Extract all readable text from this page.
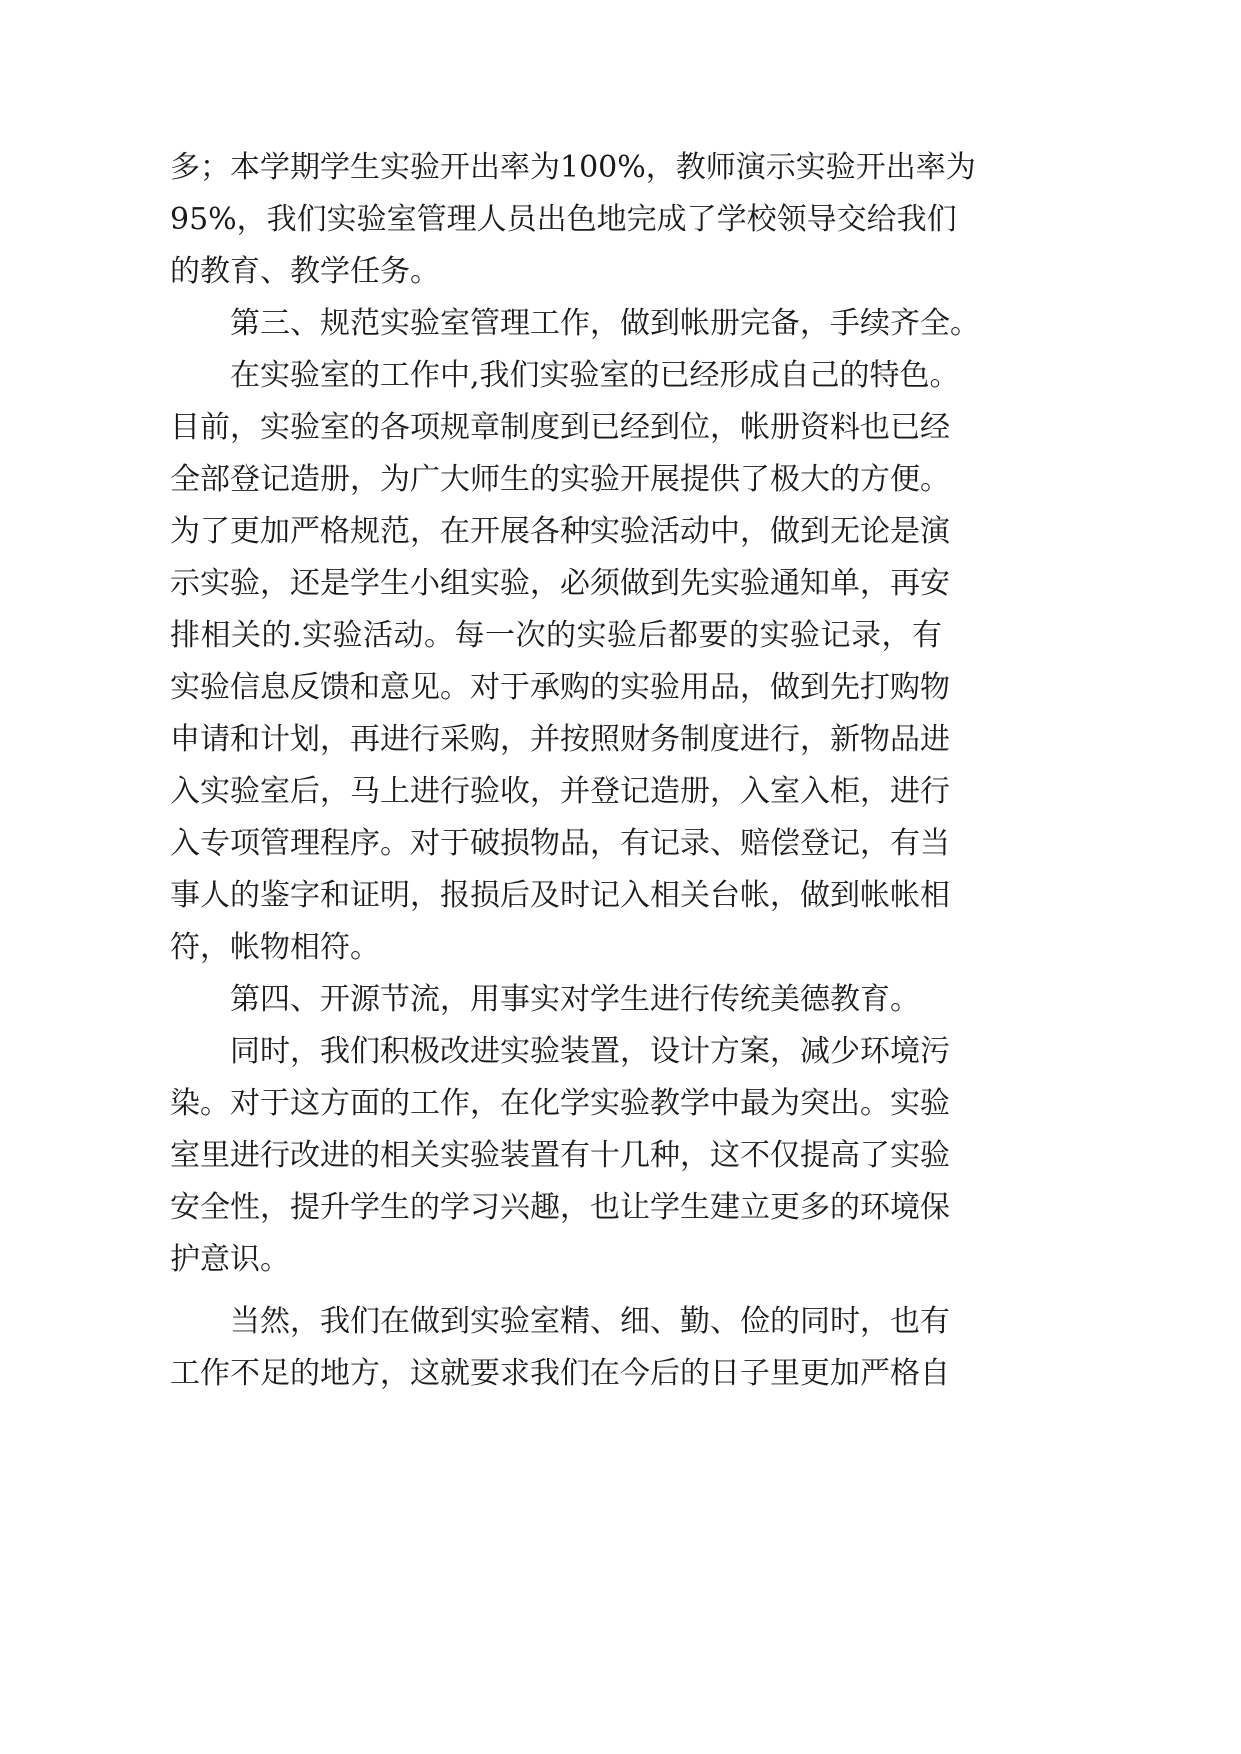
多；本学期学生实验开出率为100%，教师演示实验开出率为
95%，我们实验室管理人员出色地完成了学校领导交给我们
的教育、教学任务。
第三、规范实验室管理工作，做到帐册完备，手续齐全。
在实验室的工作中,我们实验室的已经形成自己的特色。
目前，实验室的各项规章制度到已经到位，帐册资料也已经
全部登记造册，为广大师生的实验开展提供了极大的方便。
为了更加严格规范，在开展各种实验活动中，做到无论是演
示实验，还是学生小组实验，必须做到先实验通知单，再安
排相关的.实验活动。每一次的实验后都要的实验记录，有
实验信息反馈和意见。对于承购的实验用品，做到先打购物
申请和计划，再进行采购，并按照财务制度进行，新物品进
入实验室后，马上进行验收，并登记造册，入室入柜，进行
入专项管理程序。对于破损物品，有记录、赔偿登记，有当
事人的鉴字和证明，报损后及时记入相关台帐，做到帐帐相
符，帐物相符。
第四、开源节流，用事实对学生进行传统美德教育。
同时，我们积极改进实验装置，设计方案，减少环境污
染。对于这方面的工作，在化学实验教学中最为突出。实验
室里进行改进的相关实验装置有十几种，这不仅提高了实验
安全性，提升学生的学习兴趣，也让学生建立更多的环境保
护意识。
当然，我们在做到实验室精、细、勤、俭的同时，也有
工作不足的地方，这就要求我们在今后的日子里更加严格自
